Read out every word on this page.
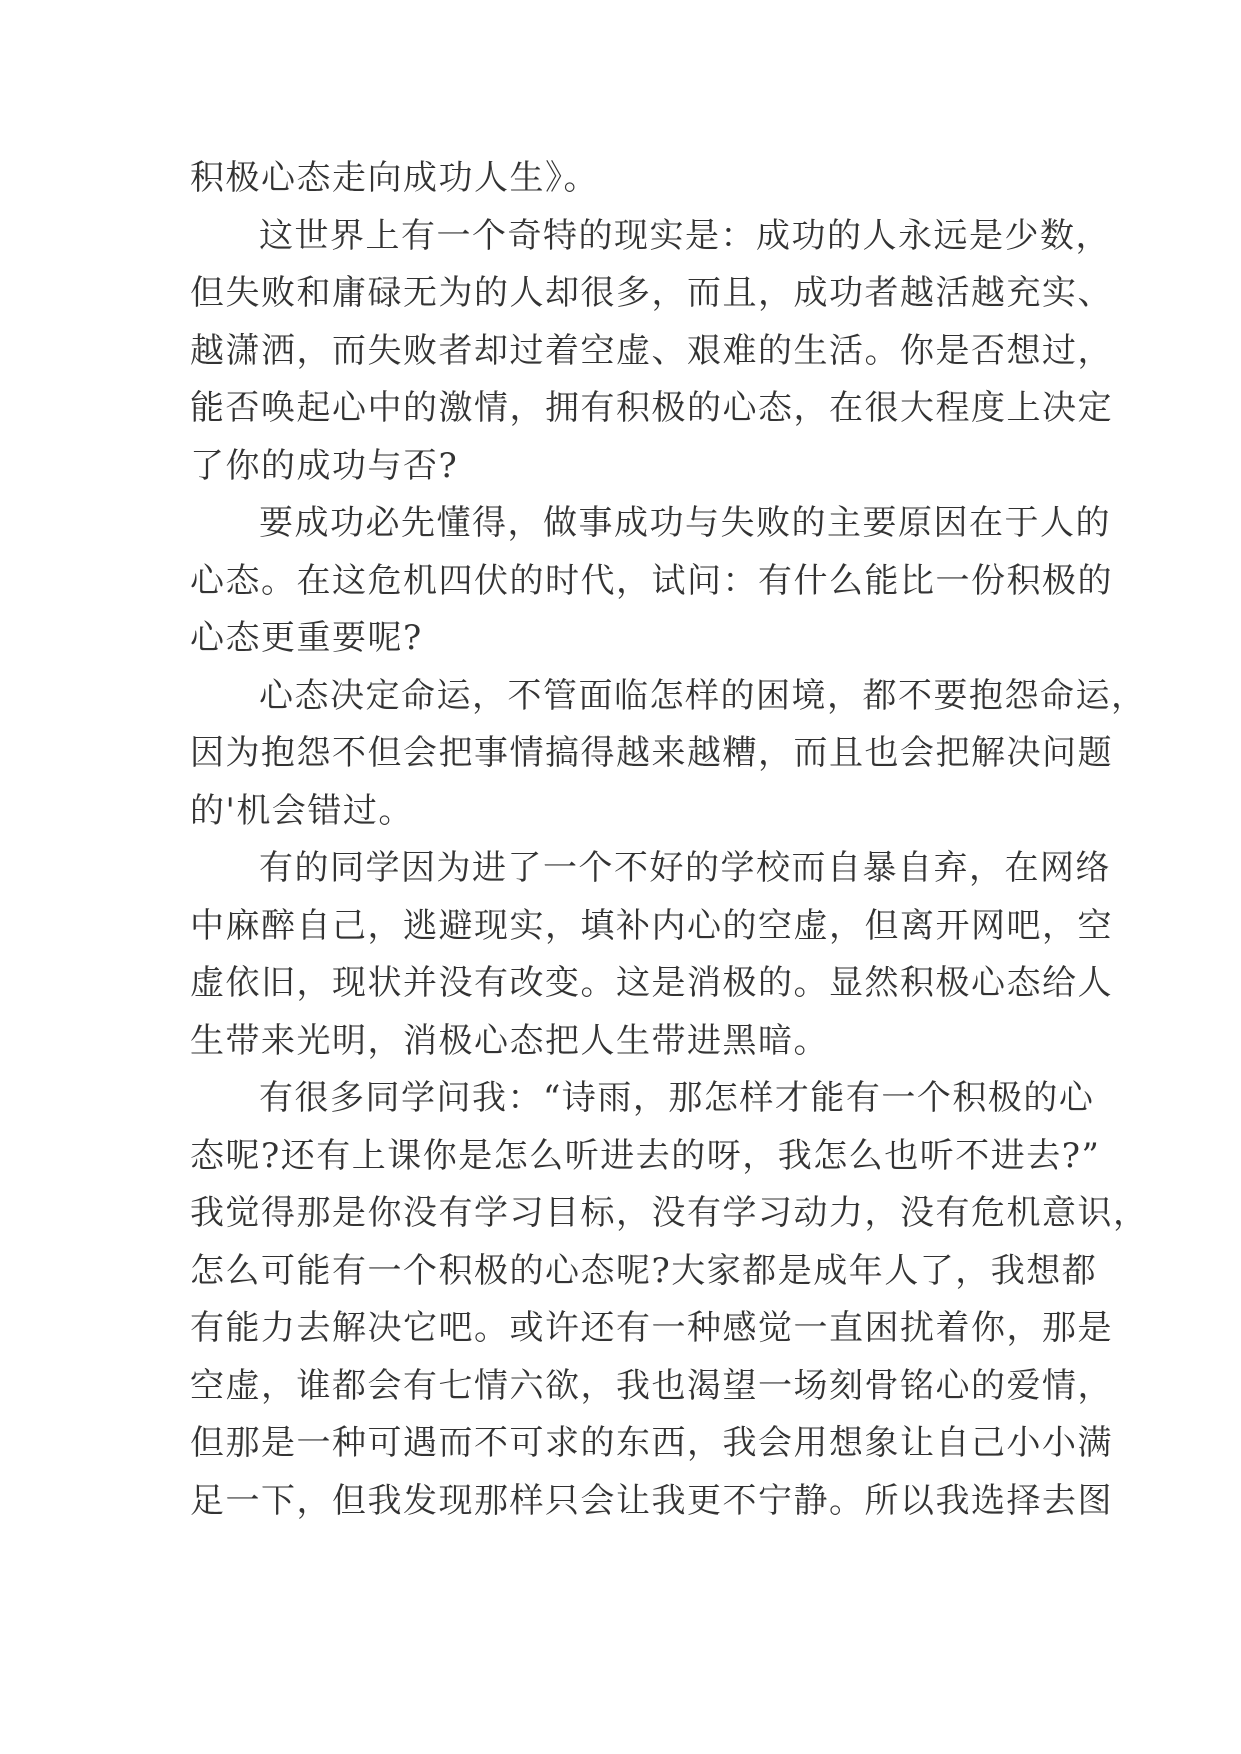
积极心态走向成功人生》。
这世界上有一个奇特的现实是：成功的人永远是少数，
但失败和庸碌无为的人却很多，而且，成功者越活越充实、
越潇洒，而失败者却过着空虚、艰难的生活。你是否想过，
能否唤起心中的激情，拥有积极的心态，在很大程度上决定
了你的成功与否?
要成功必先懂得，做事成功与失败的主要原因在于人的
心态。在这危机四伏的时代，试问：有什么能比一份积极的
心态更重要呢?
心态决定命运，不管面临怎样的困境，都不要抱怨命运，
因为抱怨不但会把事情搞得越来越糟，而且也会把解决问题
的'机会错过。
有的同学因为进了一个不好的学校而自暴自弃，在网络
中麻醉自己，逃避现实，填补内心的空虚，但离开网吧，空
虚依旧，现状并没有改变。这是消极的。显然积极心态给人
生带来光明，消极心态把人生带进黑暗。
有很多同学问我：“诗雨，那怎样才能有一个积极的心
态呢?还有上课你是怎么听进去的呀，我怎么也听不进去?”
我觉得那是你没有学习目标，没有学习动力，没有危机意识，
怎么可能有一个积极的心态呢?大家都是成年人了，我想都
有能力去解决它吧。或许还有一种感觉一直困扰着你，那是
空虚，谁都会有七情六欲，我也渴望一场刻骨铭心的爱情，
但那是一种可遇而不可求的东西，我会用想象让自己小小满
足一下，但我发现那样只会让我更不宁静。所以我选择去图
